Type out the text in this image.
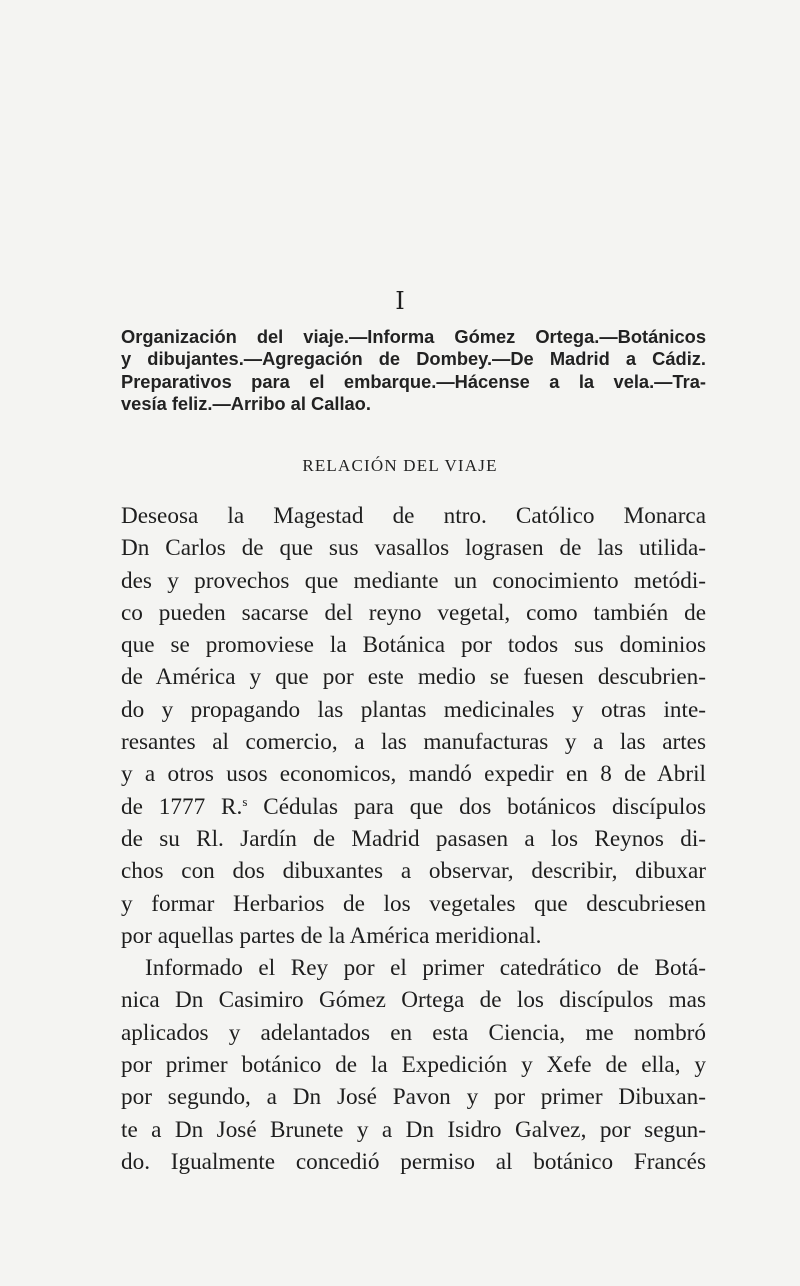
I
Organización del viaje.—Informa Gómez Ortega.—Botánicos
y dibujantes.—Agregación de Dombey.—De Madrid a Cádiz.
Preparativos para el embarque.—Hácense a la vela.—Tra-
vesía feliz.—Arribo al Callao.
RELACIÓN DEL VIAJE
Deseosa la Magestad de ntro. Católico Monarca
Dn Carlos de que sus vasallos lograsen de las utilida-
des y provechos que mediante un conocimiento metódi-
co pueden sacarse del reyno vegetal, como también de
que se promoviese la Botánica por todos sus dominios
de América y que por este medio se fuesen descubrien-
do y propagando las plantas medicinales y otras inte-
resantes al comercio, a las manufacturas y a las artes
y a otros usos economicos, mandó expedir en 8 de Abril
de 1777 R.$^s$ Cédulas para que dos botánicos discípulos
de su Rl. Jardín de Madrid pasasen a los Reynos di-
chos con dos dibuxantes a observar, describir, dibuxar
y formar Herbarios de los vegetales que descubriesen
por aquellas partes de la América meridional.
Informado el Rey por el primer catedrático de Botá-
nica Dn Casimiro Gómez Ortega de los discípulos mas
aplicados y adelantados en esta Ciencia, me nombró
por primer botánico de la Expedición y Xefe de ella, y
por segundo, a Dn José Pavon y por primer Dibuxan-
te a Dn José Brunete y a Dn Isidro Galvez, por segun-
do. Igualmente concedió permiso al botánico Francés
